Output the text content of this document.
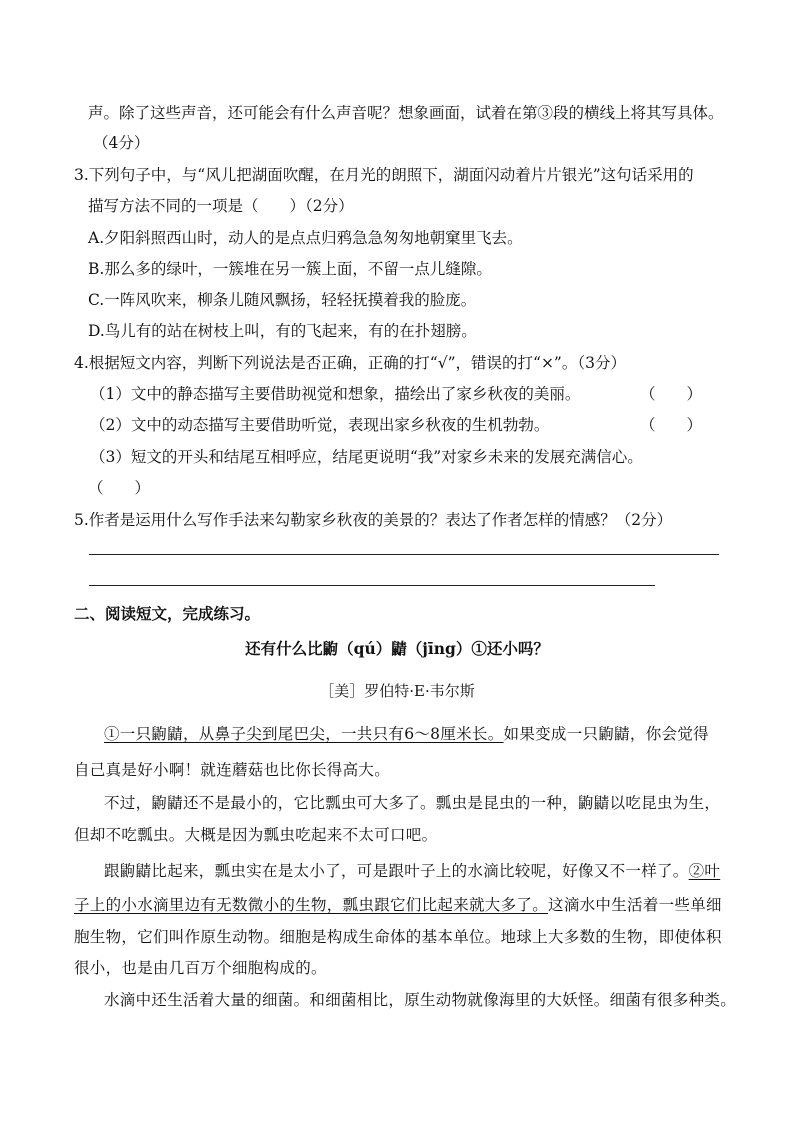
声。除了这些声音，还可能会有什么声音呢？想象画面，试着在第③段的横线上将其写具体。
（4分）
3.下列句子中，与“风儿把湖面吹醒，在月光的朗照下，湖面闪动着片片银光”这句话采用的
描写方法不同的一项是（　　）（2分）
A.夕阳斜照西山时，动人的是点点归鸦急急匆匆地朝窠里飞去。
B.那么多的绿叶，一簇堆在另一簇上面，不留一点儿缝隙。
C.一阵风吹来，柳条儿随风飘扬，轻轻抚摸着我的脸庞。
D.鸟儿有的站在树枝上叫，有的飞起来，有的在扑翅膀。
4.根据短文内容，判断下列说法是否正确，正确的打“√”，错误的打“×”。（3分）
（1）文中的静态描写主要借助视觉和想象，描绘出了家乡秋夜的美丽。	（　　）
（2）文中的动态描写主要借助听觉，表现出家乡秋夜的生机勃勃。	（　　）
（3）短文的开头和结尾互相呼应，结尾更说明“我”对家乡未来的发展充满信心。
（　　）
5.作者是运用什么写作手法来勾勒家乡秋夜的美景的？表达了作者怎样的情感？（2分）
二、阅读短文，完成练习。
还有什么比鼩（qú）鼱（jīng）①还小吗？
［美］罗伯特·E·韦尔斯
①一只鼩鼱，从鼻子尖到尾巴尖，一共只有6～8厘米长。如果变成一只鼩鼱，你会觉得
自己真是好小啊！就连蘑菇也比你长得高大。
不过，鼩鼱还不是最小的，它比瓢虫可大多了。瓢虫是昆虫的一种，鼩鼱以吃昆虫为生，
但却不吃瓢虫。大概是因为瓢虫吃起来不太可口吧。
跟鼩鼱比起来，瓢虫实在是太小了，可是跟叶子上的水滴比较呢，好像又不一样了。②叶
子上的小水滴里边有无数微小的生物，瓢虫跟它们比起来就大多了。这滴水中生活着一些单细
胞生物，它们叫作原生动物。细胞是构成生命体的基本单位。地球上大多数的生物，即使体积
很小，也是由几百万个细胞构成的。
水滴中还生活着大量的细菌。和细菌相比，原生动物就像海里的大妖怪。细菌有很多种类。
